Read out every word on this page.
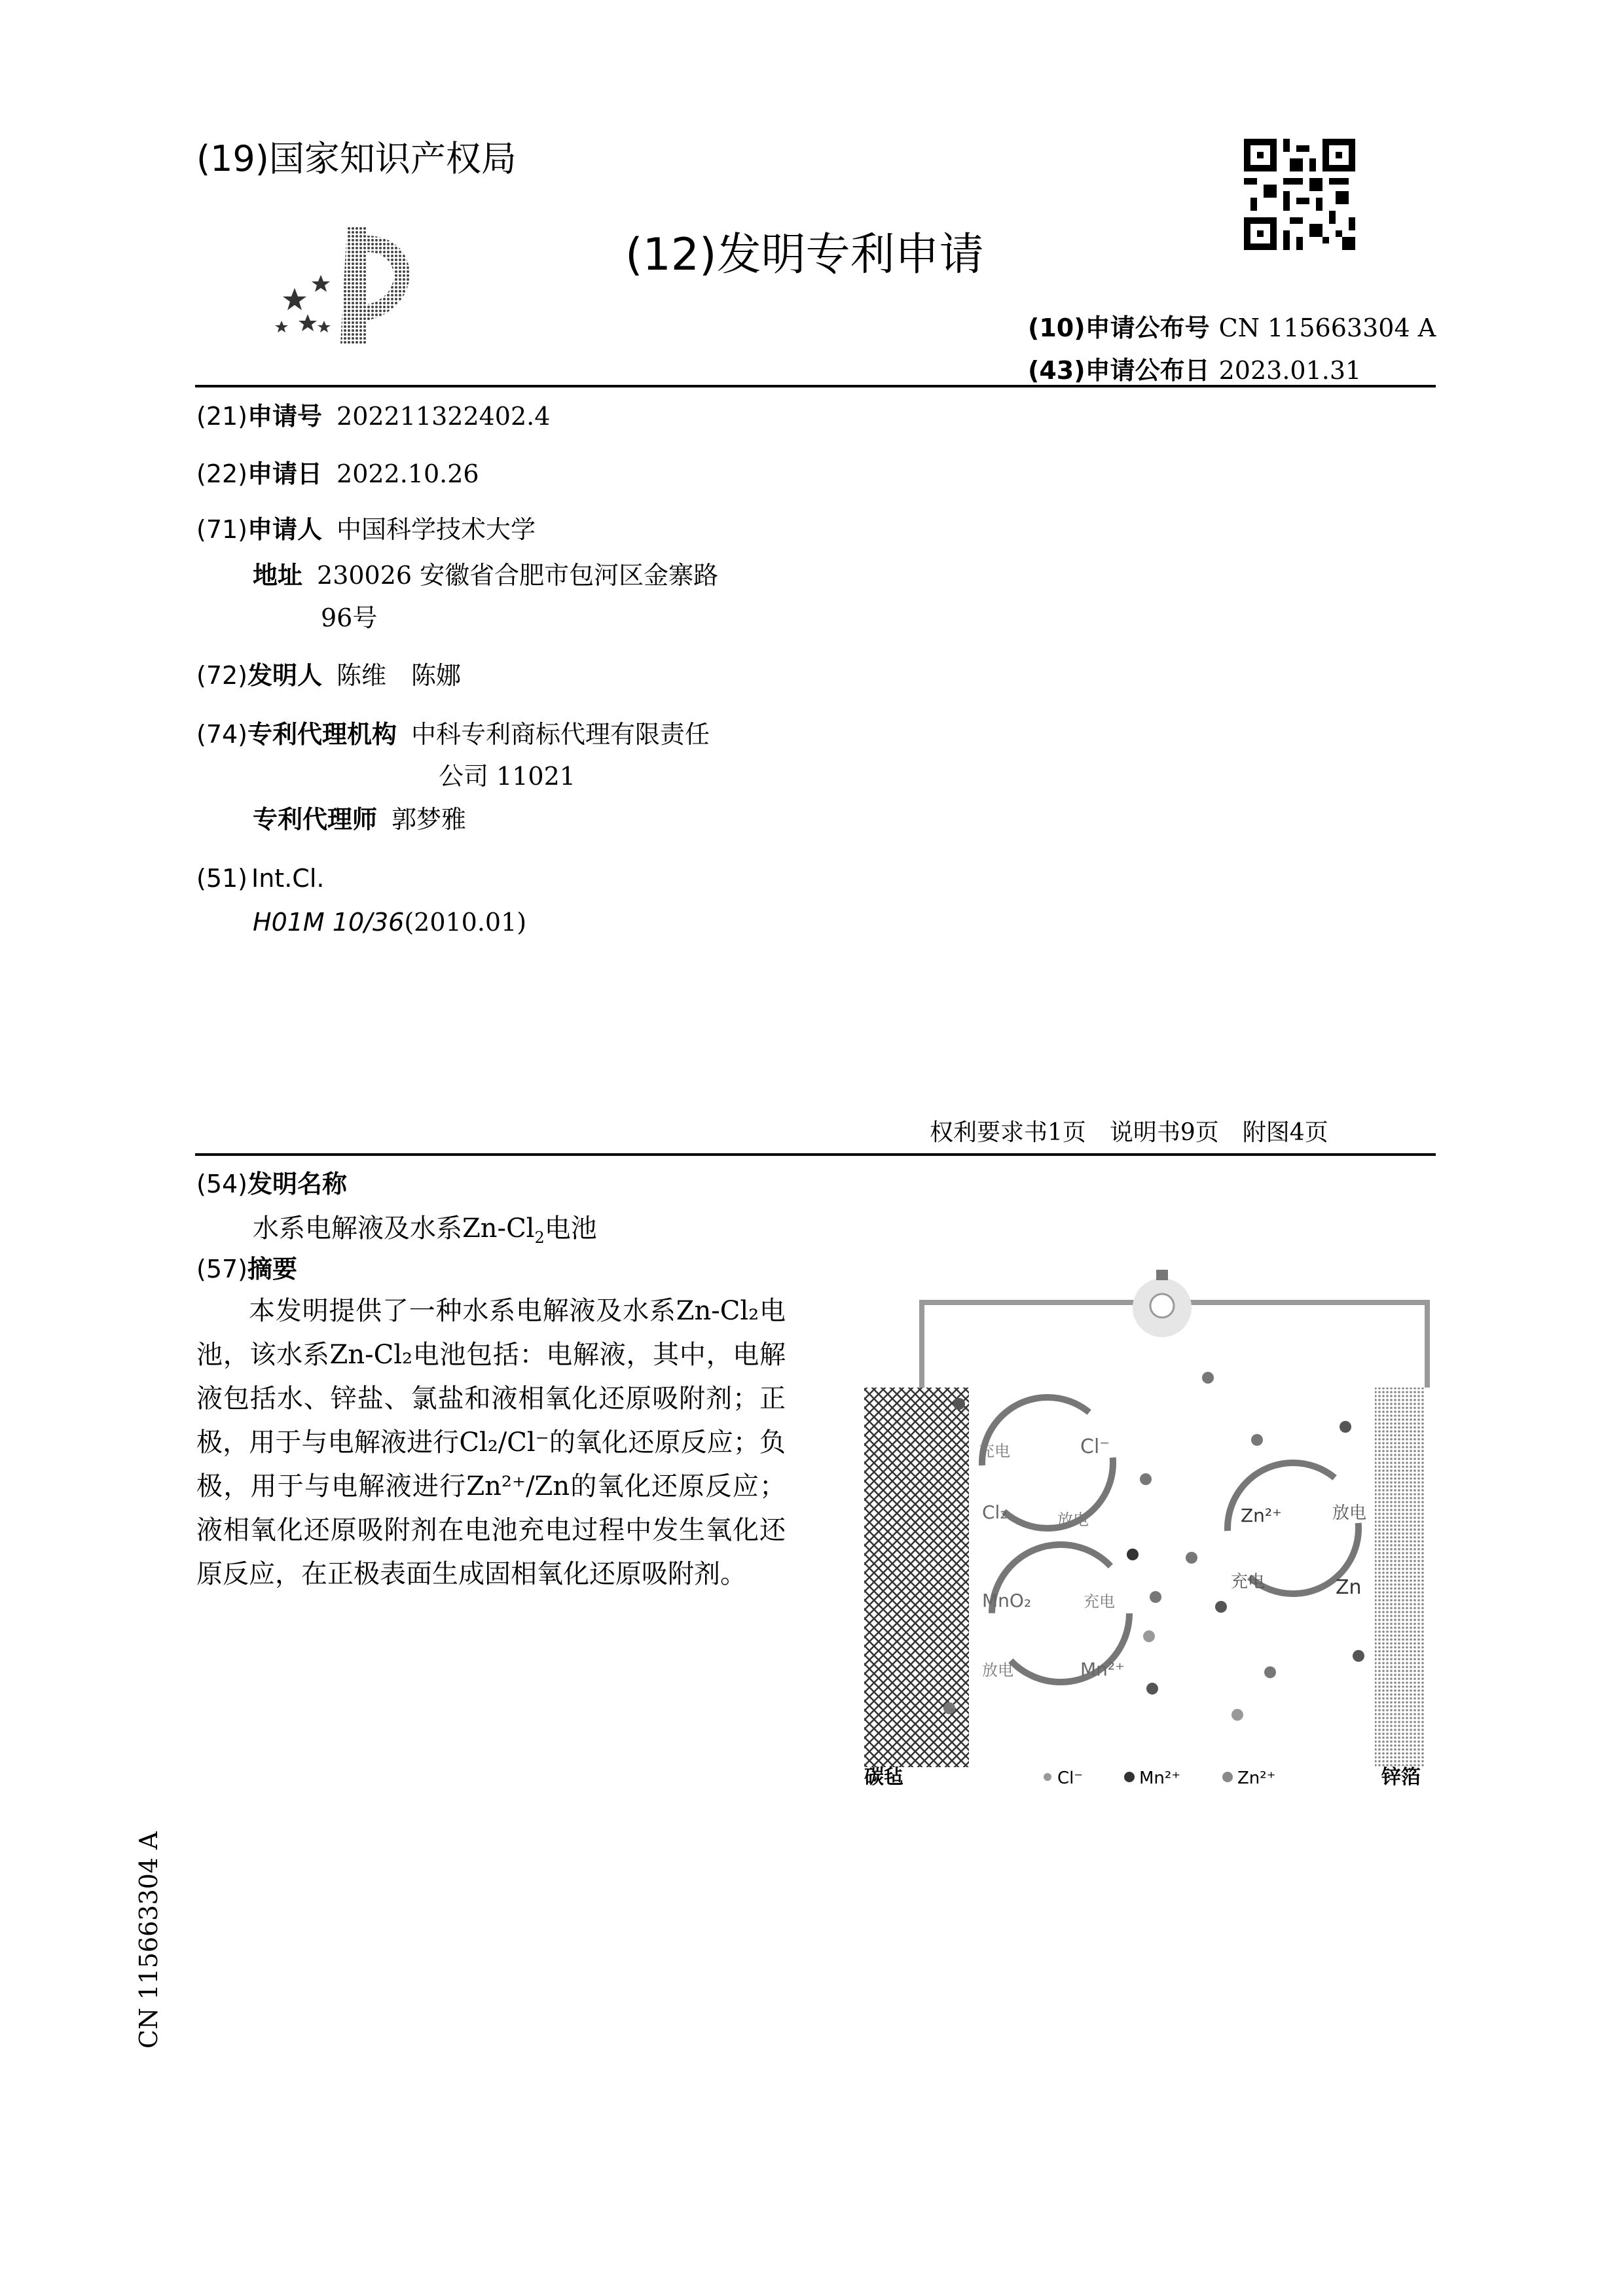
(19)国家知识产权局
(12)发明专利申请
(10)申请公布号 CN 115663304 A
(43)申请公布日 2023.01.31
(21)申请号 202211322402.4
(22)申请日 2022.10.26
(71)申请人 中国科学技术大学
地址 230026 安徽省合肥市包河区金寨路
96号
(72)发明人 陈维　陈娜
(74)专利代理机构 中科专利商标代理有限责任
公司 11021
专利代理师 郭梦雅
(51) Int.Cl.
H01M 10/36(2010.01)
权利要求书1页　说明书9页　附图4页
(54)发明名称
水系电解液及水系$Zn-Cl_2$电池
(57)摘要

本发明提供了一种水系电解液及水系Zn-Cl₂电池，该水系Zn-Cl₂电池包括：电解液，其中，电解液包括水、锌盐、氯盐和液相氧化还原吸附剂；正极，用于与电解液进行Cl₂/Cl⁻的氧化还原反应；负极，用于与电解液进行Zn²⁺/Zn的氧化还原反应；液相氧化还原吸附剂在电池充电过程中发生氧化还原反应，在正极表面生成固相氧化还原吸附剂。

充电	Cl⁻
Cl₂	放电
MnO₂	充电
放电	Mn²⁺
Zn²⁺	放电
充电	Zn
碳毡	Cl⁻	Mn²⁺	Zn²⁺	锌箔
CN 115663304 A
